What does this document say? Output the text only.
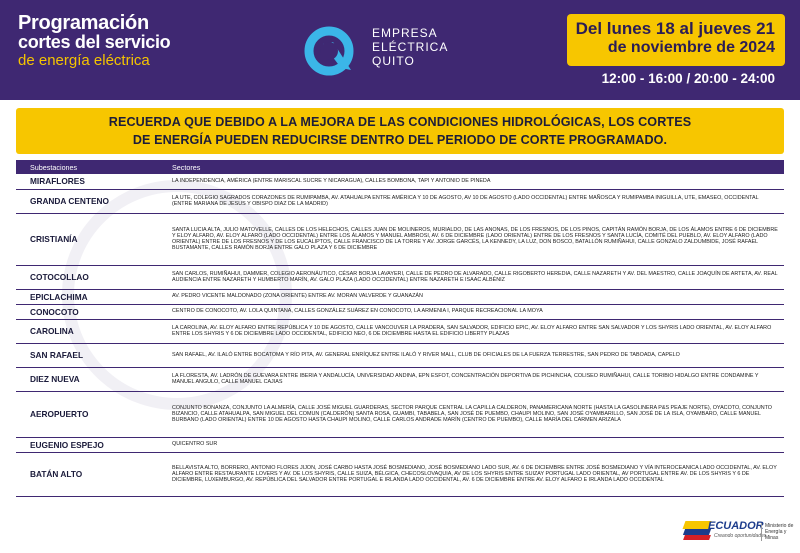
Programación
cortes del servicio
de energía eléctrica
EMPRESA
ELÉCTRICA
QUITO
Del lunes 18 al jueves 21
de noviembre de 2024
12:00 - 16:00 / 20:00 - 24:00
RECUERDA QUE DEBIDO A LA MEJORA DE LAS CONDICIONES HIDROLÓGICAS, LOS CORTES
DE ENERGÍA PUEDEN REDUCIRSE DENTRO DEL PERIODO DE CORTE PROGRAMADO.
Subestaciones	Sectores
MIRAFLORES	LA INDEPENDENCIA, AMÉRICA (ENTRE MARISCAL SUCRE Y NICARAGUA), CALLES BOMBONA, TAPI Y ANTONIO DE PINEDA
GRANDA CENTENO	LA UTE, COLEGIO SAGRADOS CORAZONES DE RUMIPAMBA, AV. ATAHUALPA ENTRE AMÉRICA Y 10 DE AGOSTO, AV 10 DE AGOSTO (LADO OCCIDENTAL) ENTRE MAÑOSCA Y RUMIPAMBA INIGUILLA, UTE, EMASEO, OCCIDENTAL (ENTRE MARIANA DE JESUS Y OBISPO DIAZ DE LA MADRID)
CRISTIANÍA	SANTA LUCIA ALTA, JULIO MATOVELLE, CALLES DE LOS HELECHOS, CALLES JUAN DE MOLINEROS, MURIALDO, DE LAS ANONAS, DE LOS FRESNOS, DE LOS PINOS, CAPITÁN RAMÓN BORJA, DE LOS ÁLAMOS ENTRE 6 DE DICIEMBRE Y ELOY ALFARO, AV. ELOY ALFARO (LADO OCCIDENTAL) ENTRE LOS ÁLAMOS Y MANUEL AMBROSI, AV. 6 DE DICIEMBRE (LADO ORIENTAL) ENTRE DE LOS FRESNOS Y SANTA LUCÍA, COMITÉ DEL PUEBLO, AV. ELOY ALFARO (LADO ORIENTAL) ENTRE DE LOS FRESNOS Y DE LOS EUCALIPTOS, CALLE FRANCISCO DE LA TORRE Y AV. JORGE GARCÉS, LA KENNEDY, LA LUZ, DON BOSCO, BATALLÓN RUMIÑAHUI, CALLE GONZALO ZALDUMBIDE, JOSÉ RAFAEL BUSTAMANTE, CALLES RAMÓN BORJA ENTRE GALO PLAZA Y 6 DE DICIEMBRE
COTOCOLLAO	SAN CARLOS, RUMIÑAHUI, DAMMER, COLEGIO AERONÁUTICO, CÉSAR BORJA LAVAYERI, CALLE DE PEDRO DE ALVARADO, CALLE RIGOBERTO HEREDIA, CALLE NAZARETH Y AV. DEL MAESTRO, CALLE JOAQUÍN DE ARTETA, AV. REAL AUDIENCIA ENTRE NAZARETH Y HUMBERTO MARÍN, AV. GALO PLAZA (LADO OCCIDENTAL) ENTRE NAZARETH E ISAAC ALBÉNIZ
EPICLACHIMA	AV. PEDRO VICENTE MALDONADO (ZONA ORIENTE) ENTRE AV. MORAN VALVERDE Y GUANAZÁN
CONOCOTO	CENTRO DE CONOCOTO, AV. LOLA QUINTANA, CALLES GONZÁLEZ SUÁREZ EN CONOCOTO, LA ARMENIA I, PARQUE RECREACIONAL LA MOYA
CAROLINA	LA CAROLINA, AV. ELOY ALFARO ENTRE REPÚBLICA Y 10 DE AGOSTO, CALLE VANCOUVER LA PRADERA, SAN SALVADOR, EDIFICIO EPIC, AV. ELOY ALFARO ENTRE SAN SALVADOR Y LOS SHYRIS LADO ORIENTAL, AV. ELOY ALFARO ENTRE LOS SHYRIS Y 6 DE DICIEMBRE LADO OCCIDENTAL, EDIFICIO NEO, 6 DE DICIEMBRE HASTA EL EDIFICIO LIBERTY PLAZAS
SAN RAFAEL	SAN RAFAEL, AV. ILALÓ ENTRE BOCATOMA Y RÍO PITA, AV. GENERAL ENRÍQUEZ ENTRE ILALÓ Y RIVER MALL, CLUB DE OFICIALES DE LA FUERZA TERRESTRE, SAN PEDRO DE TABOADA, CAPELO
DIEZ NUEVA	LA FLORESTA, AV. LADRÓN DE GUEVARA ENTRE IBERIA Y ANDALUCÍA, UNIVERSIDAD ANDINA, EPN ESFOT, CONCENTRACIÓN DEPORTIVA DE PICHINCHA, COLISEO RUMIÑAHUI, CALLE TORIBIO HIDALGO ENTRE CONDAMINE Y MANUEL ANGULO, CALLE MANUEL CAJIAS
AEROPUERTO	CONJUNTO BONANZA, CONJUNTO LA ALMERÍA, CALLE JOSÉ MIGUEL GUARDERAS, SECTOR PARQUE CENTRAL LA CAPILLA CALDERON, PANAMERICANA NORTE (HASTA LA GASOLINERA P&S PEAJE NORTE), OYACOTO, CONJUNTO BIZANCIO, CALLE ATAHUALPA, SAN MIGUEL DEL COMUN (CALDERÓN) SANTA ROSA, GUAMBI, TABABELA, SAN JOSÉ DE PUEMBO, CHAUPI MOLINO, SAN JOSÉ OYAMBARILLO, SAN JOSÉ DE LA ISLA, OYAMBARO, CALLE MANUEL BURBANO (LADO ORIENTAL) ENTRE 10 DE AGOSTO HASTA CHAUPI MOLINO, CALLE CARLOS ANDRADE MARÍN (CENTRO DE PUEMBO), CALLE MARÍA DEL CARMEN ARIZALA
EUGENIO ESPEJO	QUICENTRO SUR
BATÁN ALTO	BELLAVISTA ALTO, BORRERO, ANTONIO FLORES JIJON, JOSÉ CARBO HASTA JOSÉ BOSMEDIANO, JOSÉ BOSMEDIANO LADO SUR, AV. 6 DE DICIEMBRE ENTRE JOSÉ BOSMEDIANO Y VÍA INTEROCEANICA LADO OCCIDENTAL, AV. ELOY ALFARO ENTRE RESTAURANTE LOVERS Y AV. DE LOS SHYRIS, CALLE SUIZA, BÉLGICA, CHECOSLOVAQUIA, AV DE LOS SHYRIS ENTRE SUIZAY PORTUGAL LADO ORIENTAL, AV PORTUGAL ENTRE AV. DE LOS SHYRIS Y 6 DE DICIEMBRE, LUXEMBURGO, AV. REPÚBLICA DEL SALVADOR ENTRE PORTUGAL E IRLANDA LADO OCCIDENTAL, AV. 6 DE DICIEMBRE ENTRE AV. ELOY ALFARO E IRLANDA LADO OCCIDENTAL
ECUADOR
Creando oportunidades
Ministerio de Energía y Minas
